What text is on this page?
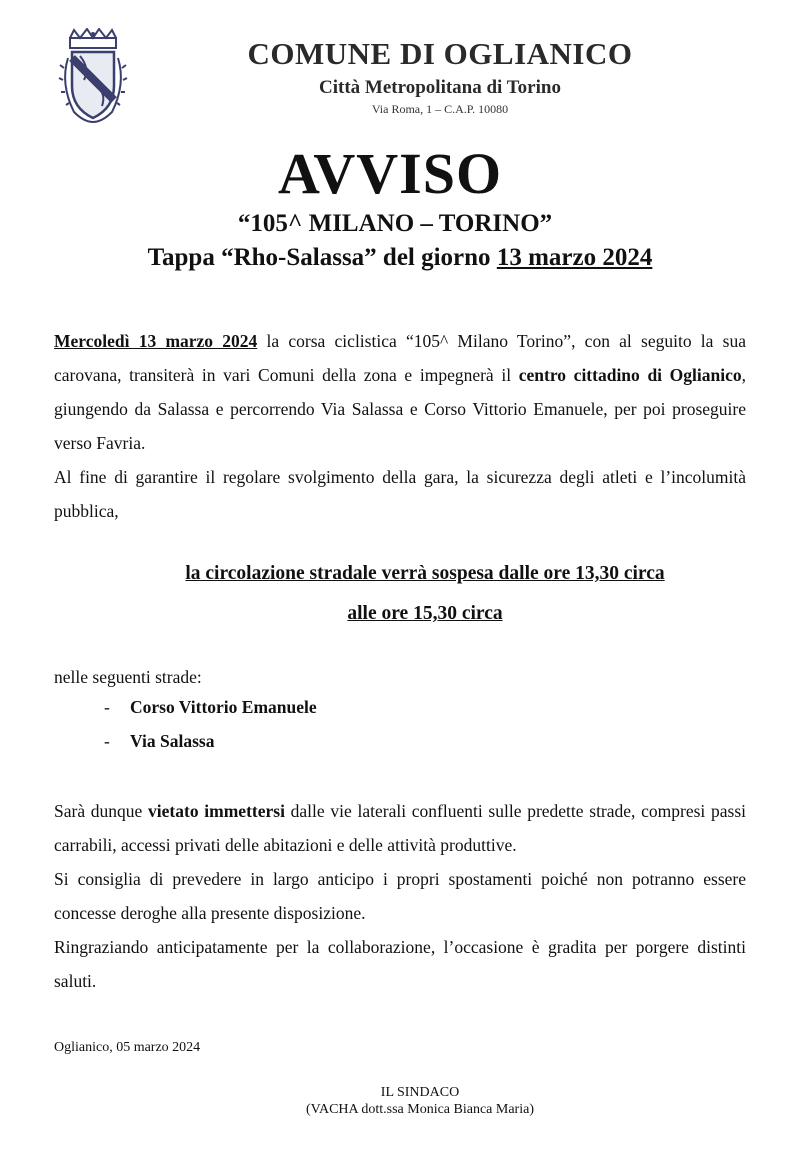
COMUNE DI OGLIANICO
Città Metropolitana di Torino
Via Roma, 1 – C.A.P. 10080
AVVISO
“105^ MILANO – TORINO”
Tappa “Rho-Salassa” del giorno 13 marzo 2024
Mercoledì 13 marzo 2024 la corsa ciclistica “105^ Milano Torino”, con al seguito la sua carovana, transiterà in vari Comuni della zona e impegnerà il centro cittadino di Oglianico, giungendo da Salassa e percorrendo Via Salassa e Corso Vittorio Emanuele, per poi proseguire verso Favria.
Al fine di garantire il regolare svolgimento della gara, la sicurezza degli atleti e l’incolumità pubblica,
la circolazione stradale verrà sospesa dalle ore 13,30 circa
alle ore 15,30 circa
nelle seguenti strade:
- Corso Vittorio Emanuele
- Via Salassa
Sarà dunque vietato immettersi dalle vie laterali confluenti sulle predette strade, compresi passi carrabili, accessi privati delle abitazioni e delle attività produttive.
Si consiglia di prevedere in largo anticipo i propri spostamenti poiché non potranno essere concesse deroghe alla presente disposizione.
Ringraziando anticipatamente per la collaborazione, l’occasione è gradita per porgere distinti saluti.
Oglianico, 05 marzo 2024
IL SINDACO
(VACHA dott.ssa Monica Bianca Maria)
